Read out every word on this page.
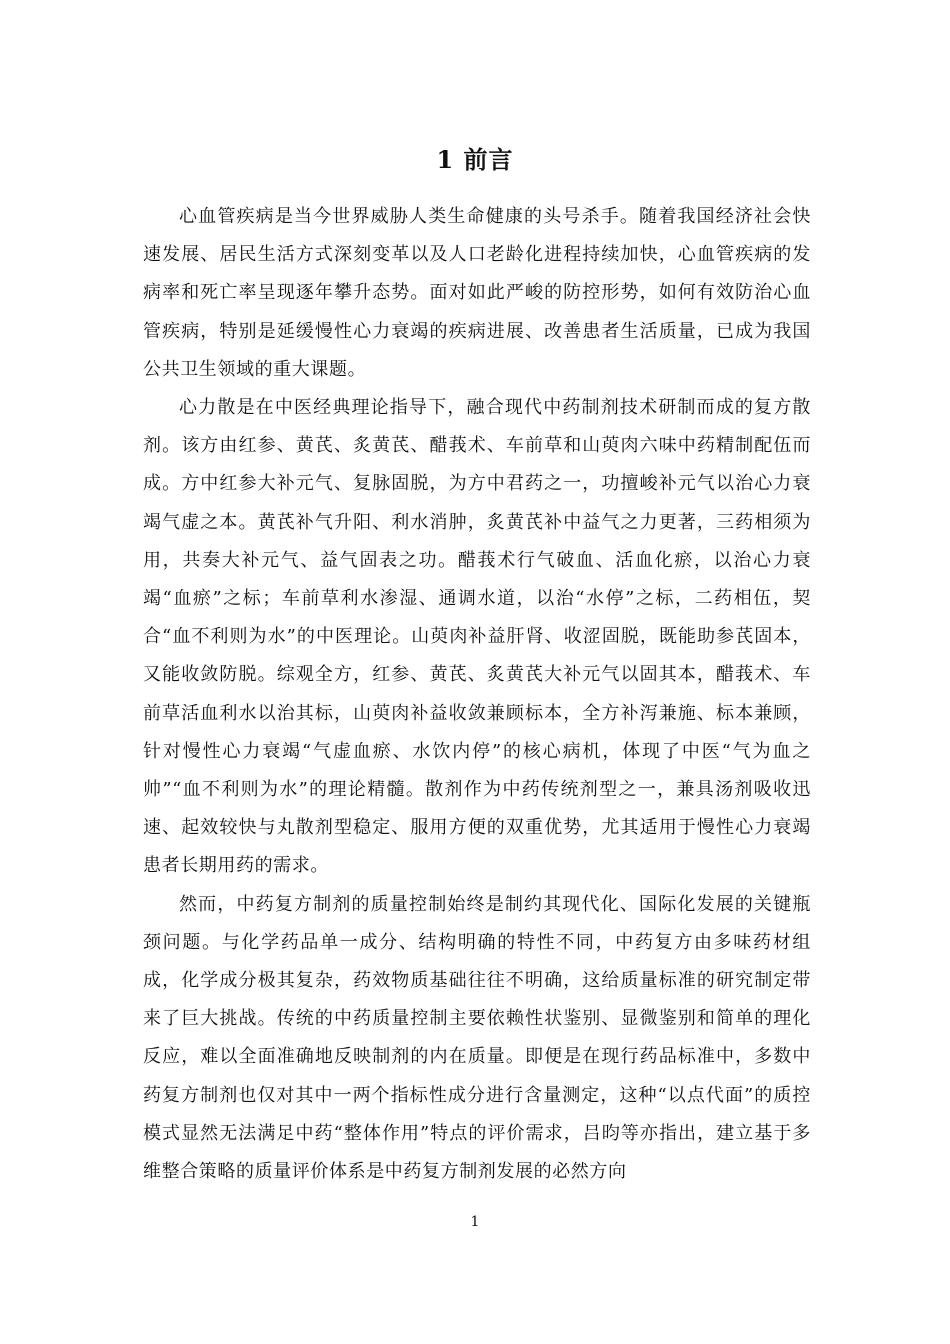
1 前言

心血管疾病是当今世界威胁人类生命健康的头号杀手。随着我国经济社会快速发展、居民生活方式深刻变革以及人口老龄化进程持续加快，心血管疾病的发病率和死亡率呈现逐年攀升态势。面对如此严峻的防控形势，如何有效防治心血管疾病，特别是延缓慢性心力衰竭的疾病进展、改善患者生活质量，已成为我国公共卫生领域的重大课题。

心力散是在中医经典理论指导下，融合现代中药制剂技术研制而成的复方散剂。该方由红参、黄芪、炙黄芪、醋莪术、车前草和山萸肉六味中药精制配伍而成。方中红参大补元气、复脉固脱，为方中君药之一，功擅峻补元气以治心力衰竭气虚之本。黄芪补气升阳、利水消肿，炙黄芪补中益气之力更著，三药相须为用，共奏大补元气、益气固表之功。醋莪术行气破血、活血化瘀，以治心力衰竭“血瘀”之标；车前草利水渗湿、通调水道，以治“水停”之标，二药相伍，契合“血不利则为水”的中医理论。山萸肉补益肝肾、收涩固脱，既能助参芪固本，又能收敛防脱。综观全方，红参、黄芪、炙黄芪大补元气以固其本，醋莪术、车前草活血利水以治其标，山萸肉补益收敛兼顾标本，全方补泻兼施、标本兼顾，针对慢性心力衰竭“气虚血瘀、水饮内停”的核心病机，体现了中医“气为血之帅”“血不利则为水”的理论精髓。散剂作为中药传统剂型之一，兼具汤剂吸收迅速、起效较快与丸散剂型稳定、服用方便的双重优势，尤其适用于慢性心力衰竭患者长期用药的需求。

然而，中药复方制剂的质量控制始终是制约其现代化、国际化发展的关键瓶颈问题。与化学药品单一成分、结构明确的特性不同，中药复方由多味药材组成，化学成分极其复杂，药效物质基础往往不明确，这给质量标准的研究制定带来了巨大挑战。传统的中药质量控制主要依赖性状鉴别、显微鉴别和简单的理化反应，难以全面准确地反映制剂的内在质量。即便是在现行药品标准中，多数中药复方制剂也仅对其中一两个指标性成分进行含量测定，这种“以点代面”的质控模式显然无法满足中药“整体作用”特点的评价需求，吕昀等亦指出，建立基于多维整合策略的质量评价体系是中药复方制剂发展的必然方向

1
